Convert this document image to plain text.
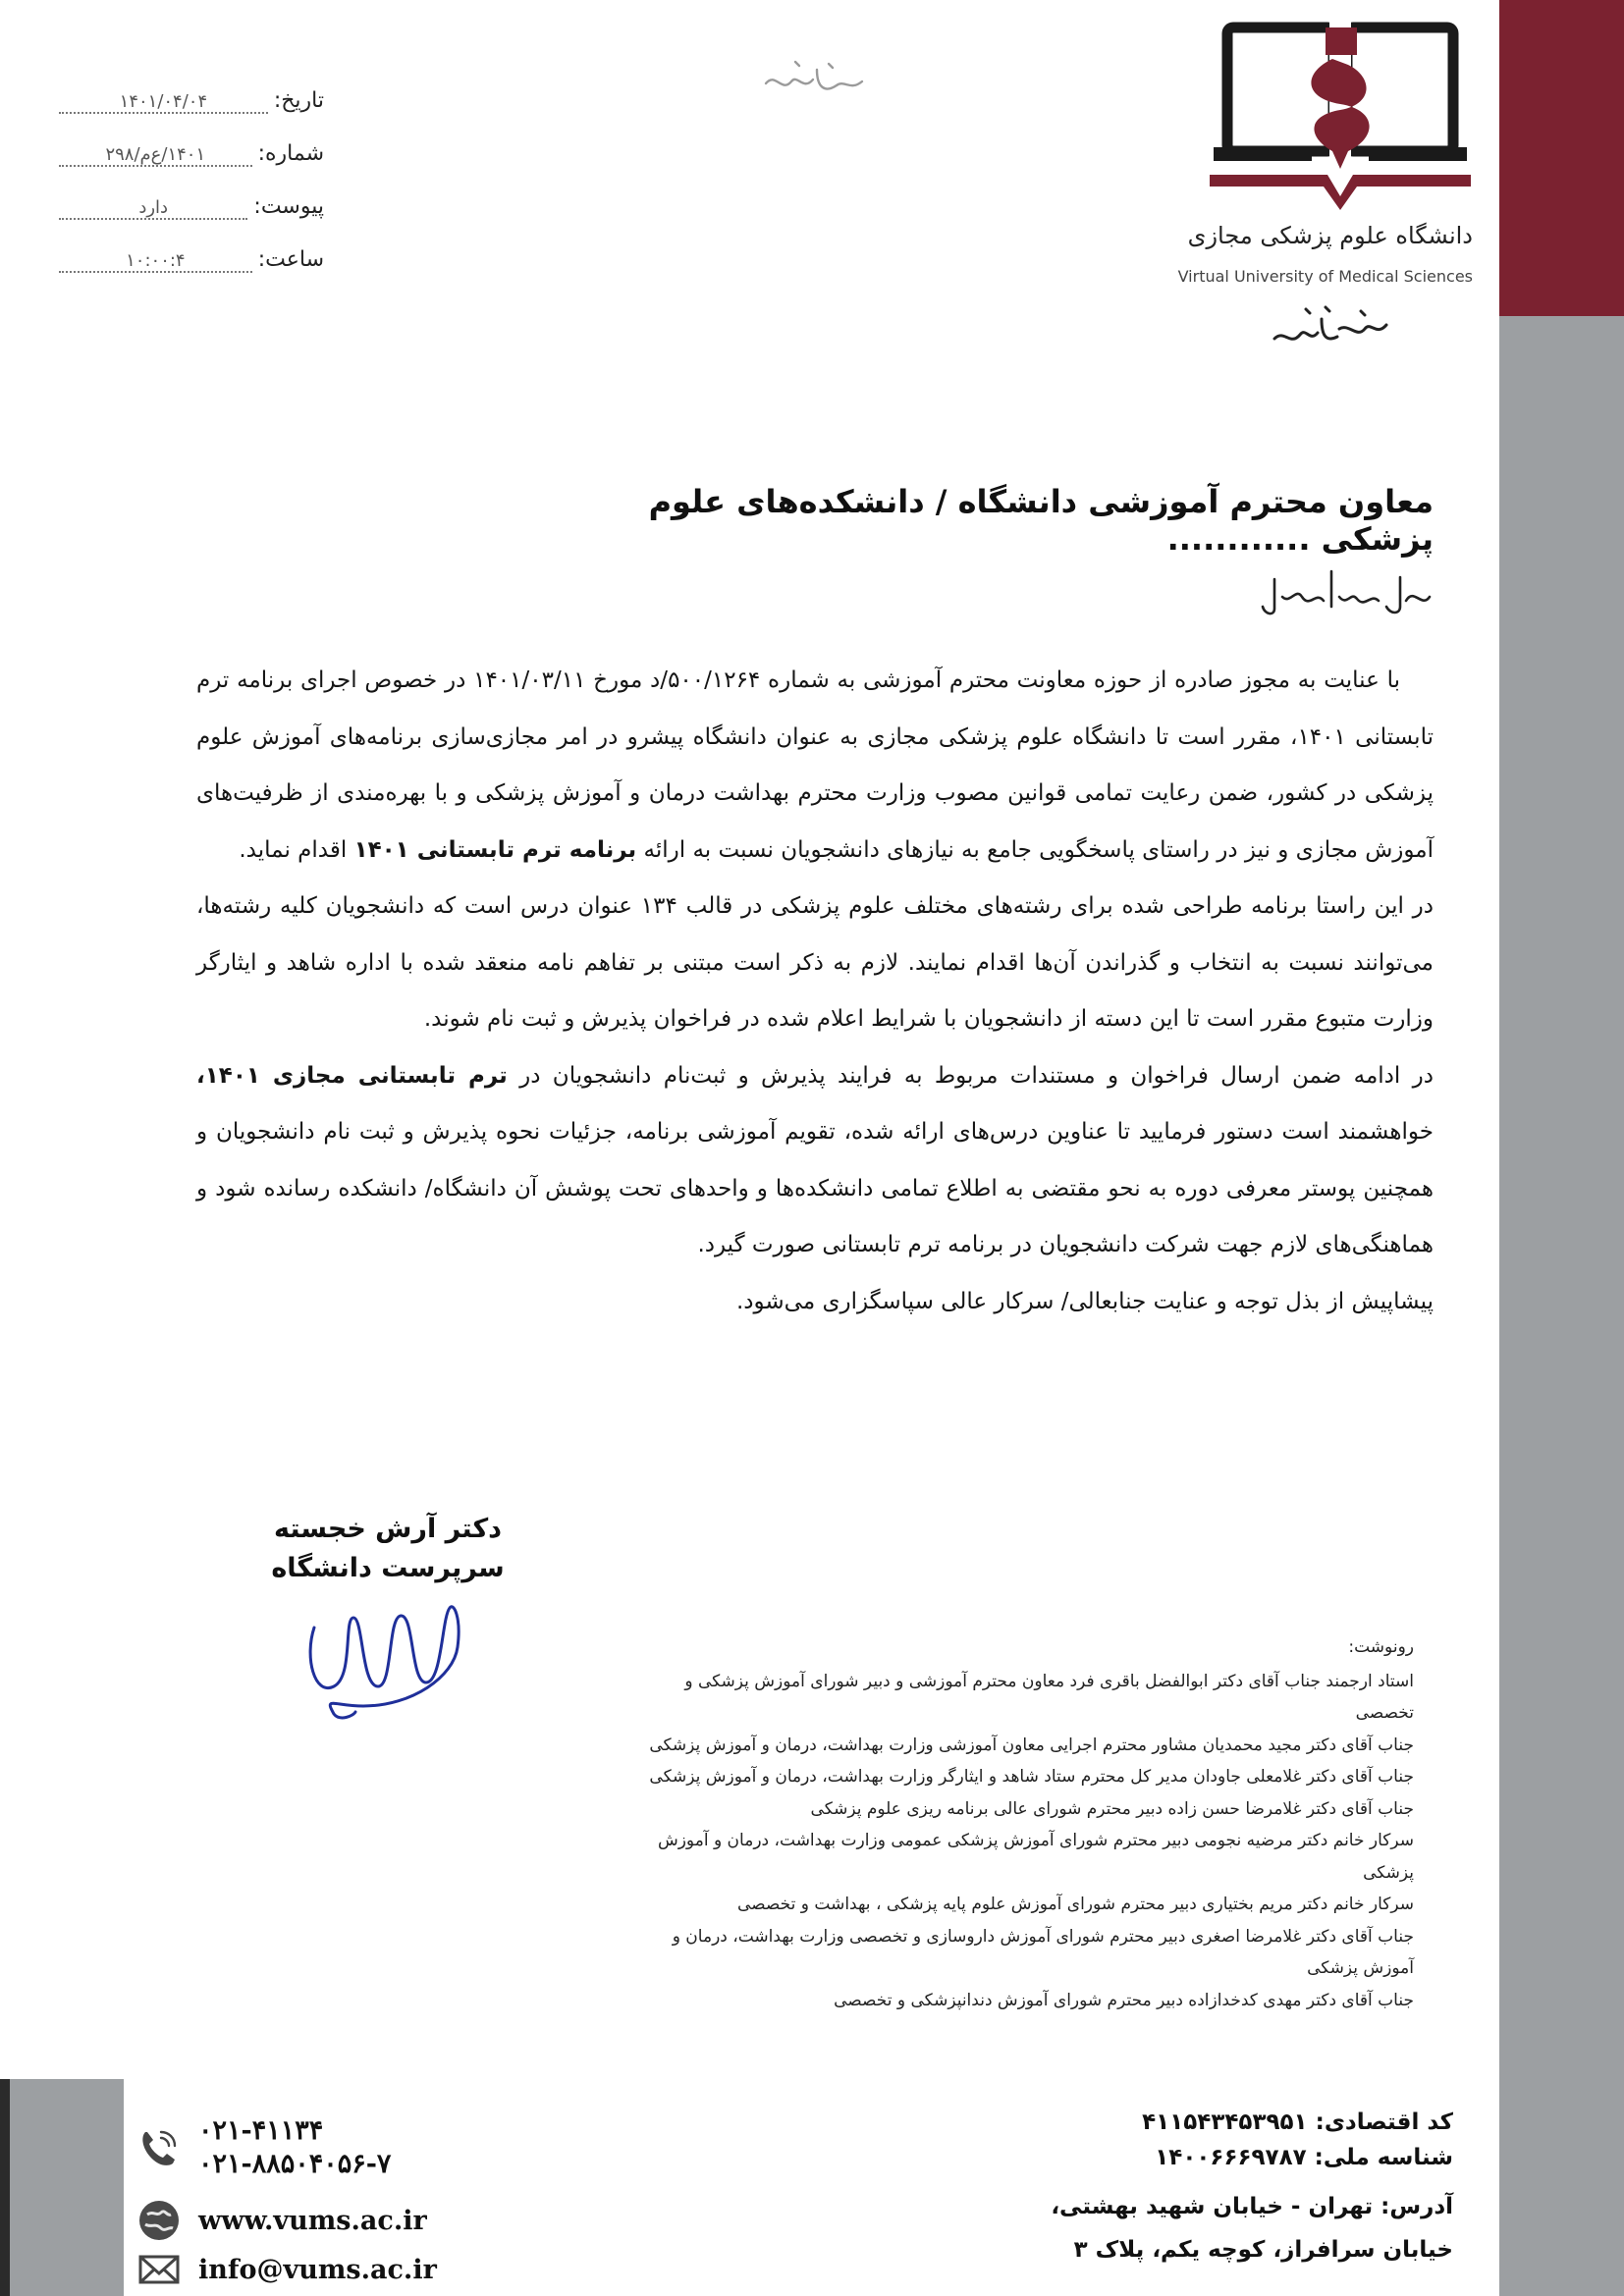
دانشگاه علوم پزشکی مجازی
Virtual University of Medical Sciences
تاریخ:
۱۴۰۱/۰۴/۰۴
شماره:
۱۴۰۱/ع‌م/۲۹۸
پیوست:
دارد
ساعت:
۱۰:۰۰:۴
معاون محترم آموزشی دانشگاه / دانشکده‌های علوم پزشکی ............

با عنایت به مجوز صادره از حوزه معاونت محترم آموزشی به شماره ۵۰۰/۱۲۶۴/د مورخ ۱۴۰۱/۰۳/۱۱ در خصوص اجرای برنامه ترم تابستانی ۱۴۰۱، مقرر است تا دانشگاه علوم پزشکی مجازی به عنوان دانشگاه پیشرو در امر مجازی‌سازی برنامه‌های آموزش علوم پزشکی در کشور، ضمن رعایت تمامی قوانین مصوب وزارت محترم بهداشت درمان و آموزش پزشکی و با بهره‌مندی از ظرفیت‌های آموزش مجازی و نیز در راستای پاسخگویی جامع به نیازهای دانشجویان نسبت به ارائه برنامه ترم تابستانی ۱۴۰۱ اقدام نماید.

در این راستا برنامه طراحی شده برای رشته‌های مختلف علوم پزشکی در قالب ۱۳۴ عنوان درس است که دانشجویان کلیه رشته‌ها، می‌توانند نسبت به انتخاب و گذراندن آن‌ها اقدام نمایند. لازم به ذکر است مبتنی بر تفاهم نامه منعقد شده با اداره شاهد و ایثارگر وزارت متبوع مقرر است تا این دسته از دانشجویان با شرایط اعلام شده در فراخوان پذیرش و ثبت نام شوند.

در ادامه ضمن ارسال فراخوان و مستندات مربوط به فرایند پذیرش و ثبت‌نام دانشجویان در ترم تابستانی مجازی ۱۴۰۱، خواهشمند است دستور فرمایید تا عناوین درس‌های ارائه شده، تقویم آموزشی برنامه، جزئیات نحوه پذیرش و ثبت نام دانشجویان و همچنین پوستر معرفی دوره به نحو مقتضی به اطلاع تمامی دانشکده‌ها و واحدهای تحت پوشش آن دانشگاه/ دانشکده رسانده شود و هماهنگی‌های لازم جهت شرکت دانشجویان در برنامه ترم تابستانی صورت گیرد.

پیشاپیش از بذل توجه و عنایت جنابعالی/ سرکار عالی سپاسگزاری می‌شود.

دکتر آرش خجسته
سرپرست دانشگاه
رونوشت:
استاد ارجمند جناب آقای دکتر ابوالفضل باقری فرد معاون محترم آموزشی و دبیر شورای آموزش پزشکی و تخصصی
جناب آقای دکتر مجید محمدیان مشاور محترم اجرایی معاون آموزشی وزارت بهداشت، درمان و آموزش پزشکی
جناب آقای دکتر غلامعلی جاودان مدیر کل محترم ستاد شاهد و ایثارگر وزارت بهداشت، درمان و آموزش پزشکی
جناب آقای دکتر غلامرضا حسن زاده دبیر محترم شورای عالی برنامه ریزی علوم پزشکی
سرکار خانم دکتر مرضیه نجومی دبیر محترم شورای آموزش پزشکی عمومی وزارت بهداشت، درمان و آموزش پزشکی
سرکار خانم دکتر مریم بختیاری دبیر محترم شورای آموزش علوم پایه پزشکی ، بهداشت و تخصصی
جناب آقای دکتر غلامرضا اصغری دبیر محترم شورای آموزش داروسازی و تخصصی وزارت بهداشت، درمان و آموزش پزشکی
جناب آقای دکتر مهدی کدخدازاده دبیر محترم شورای آموزش دندانپزشکی و تخصصی
کد اقتصادی: ۴۱۱۵۴۳۴۵۳۹۵۱
شناسه ملی: ۱۴۰۰۶۶۶۹۷۸۷
آدرس: تهران - خیابان شهید بهشتی،
خیابان سرافراز، کوچه یکم، پلاک ۳
۰۲۱-۴۱۱۳۴
۰۲۱-۸۸۵۰۴۰۵۶-۷
www.vums.ac.ir
info@vums.ac.ir
